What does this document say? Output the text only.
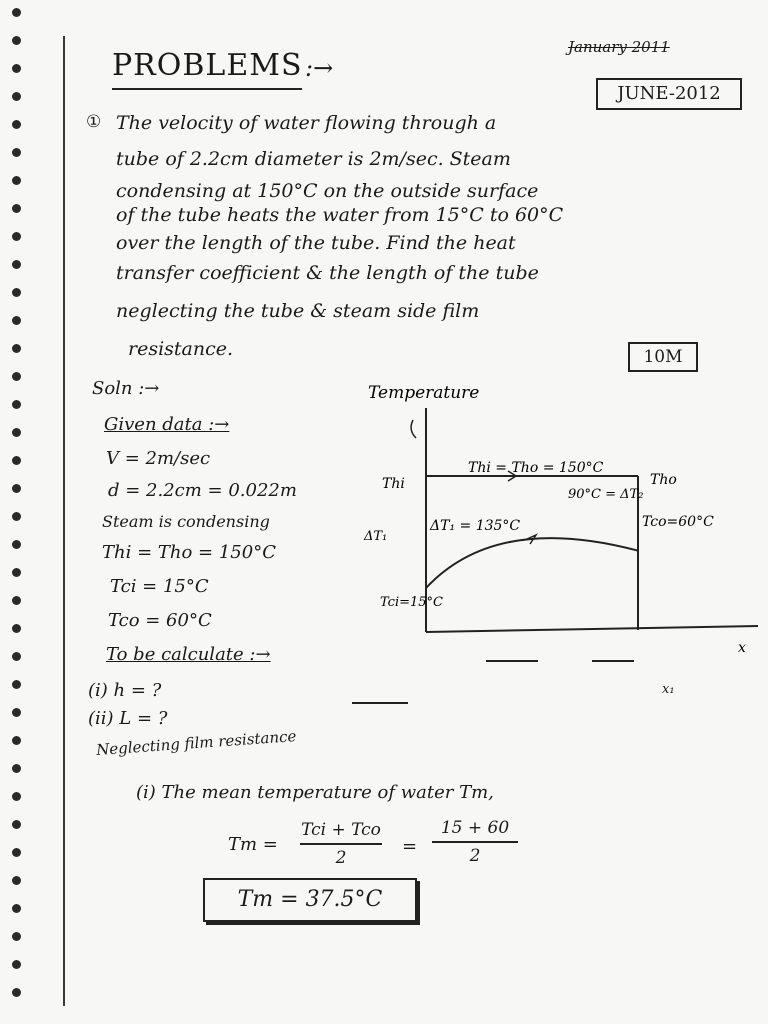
PROBLEMS :→
January 2011
JUNE-2012
① The velocity of water flowing through a
tube of 2.2cm diameter is 2m/sec. Steam
condensing at 150°C on the outside surface
of the tube heats the water from 15°C to 60°C
over the length of the tube. Find the heat
transfer coefficient & the length of the tube
neglecting the tube & steam side film
resistance.	10M
Soln :→
Given data :→
V = 2m/sec
d = 2.2cm = 0.022m
Steam is condensing
Thi = Tho = 150°C
Tci = 15°C
Tco = 60°C
To be calculate :→
(i) h = ?
(ii) L = ?
Neglecting film resistance
(i) The mean temperature of water Tm,
Tm =
Tci + Tco
2
=
15 + 60
2
Tm = 37.5°C
x₁
Temperature
x
Thi = Tho = 150°C
Thi	Tho
Tco=60°C
Tci=15°C
ΔT₁
ΔT₁ = 135°C
90°C = ΔT₂
